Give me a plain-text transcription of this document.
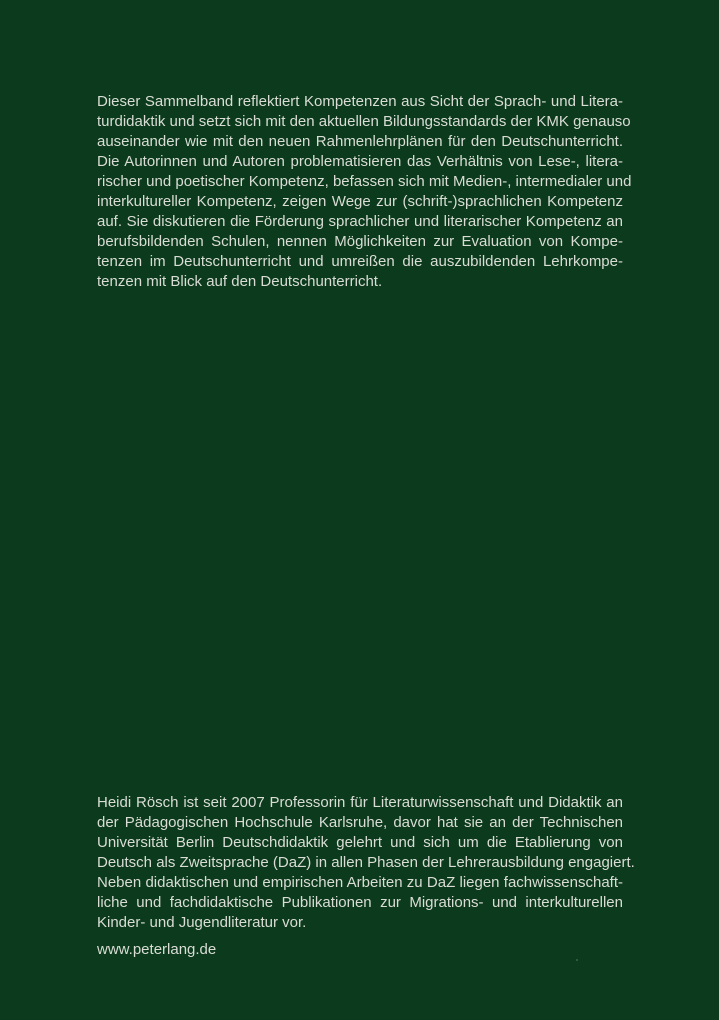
Dieser Sammelband reflektiert Kompetenzen aus Sicht der Sprach- und Litera-
turdidaktik und setzt sich mit den aktuellen Bildungsstandards der KMK genauso
auseinander wie mit den neuen Rahmenlehrplänen für den Deutschunterricht.
Die Autorinnen und Autoren problematisieren das Verhältnis von Lese-, litera-
rischer und poetischer Kompetenz, befassen sich mit Medien-, intermedialer und
interkultureller Kompetenz, zeigen Wege zur (schrift-)sprachlichen Kompetenz
auf. Sie diskutieren die Förderung sprachlicher und literarischer Kompetenz an
berufsbildenden Schulen, nennen Möglichkeiten zur Evaluation von Kompe-
tenzen im Deutschunterricht und umreißen die auszubildenden Lehrkompe-
tenzen mit Blick auf den Deutschunterricht.
Heidi Rösch ist seit 2007 Professorin für Literaturwissenschaft und Didaktik an
der Pädagogischen Hochschule Karlsruhe, davor hat sie an der Technischen
Universität Berlin Deutschdidaktik gelehrt und sich um die Etablierung von
Deutsch als Zweitsprache (DaZ) in allen Phasen der Lehrerausbildung engagiert.
Neben didaktischen und empirischen Arbeiten zu DaZ liegen fachwissenschaft-
liche und fachdidaktische Publikationen zur Migrations- und interkulturellen
Kinder- und Jugendliteratur vor.
www.peterlang.de
